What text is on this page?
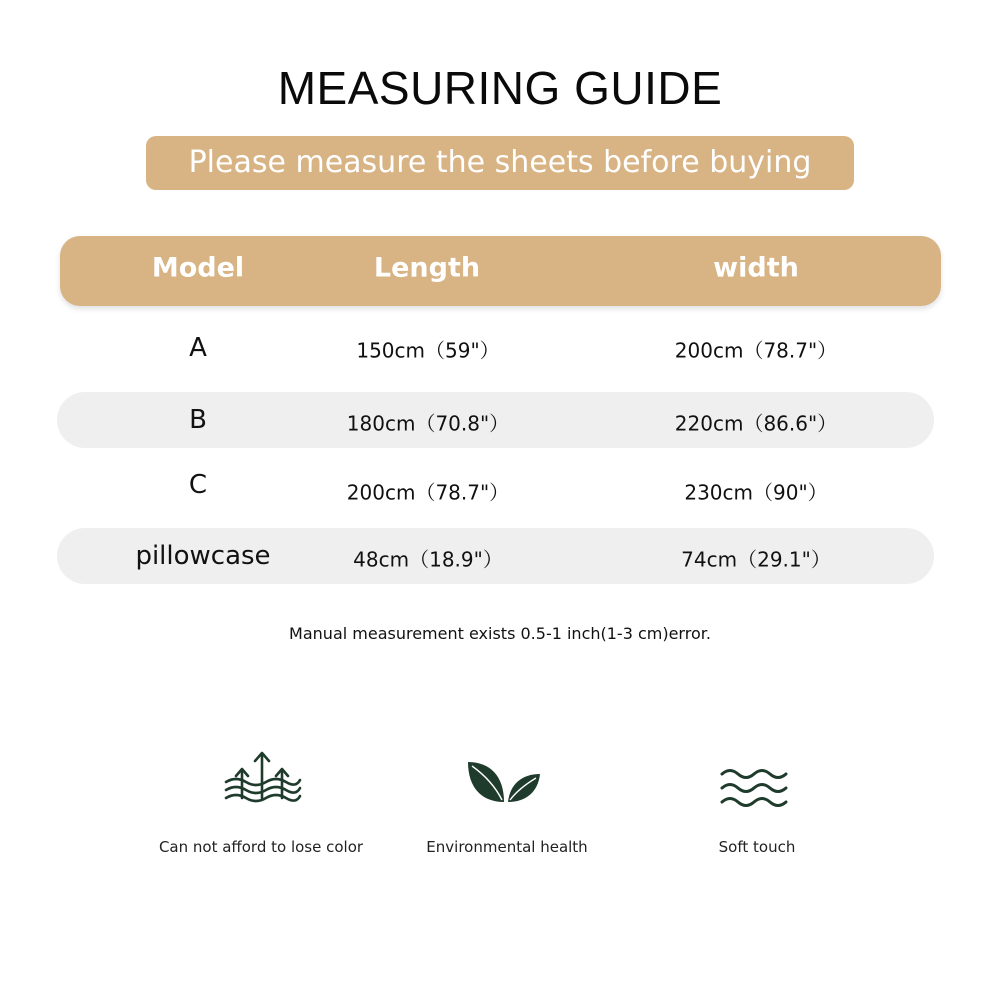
MEASURING GUIDE
Please measure the sheets before buying
Model	Length	width
A	150cm（59"）	200cm（78.7"）
B	180cm（70.8"）	220cm（86.6"）
C	200cm（78.7"）	230cm（90"）
pillowcase	48cm（18.9"）	74cm（29.1"）
Manual measurement exists 0.5-1 inch(1-3 cm)error.
Can not afford to lose color	Environmental health	Soft touch
